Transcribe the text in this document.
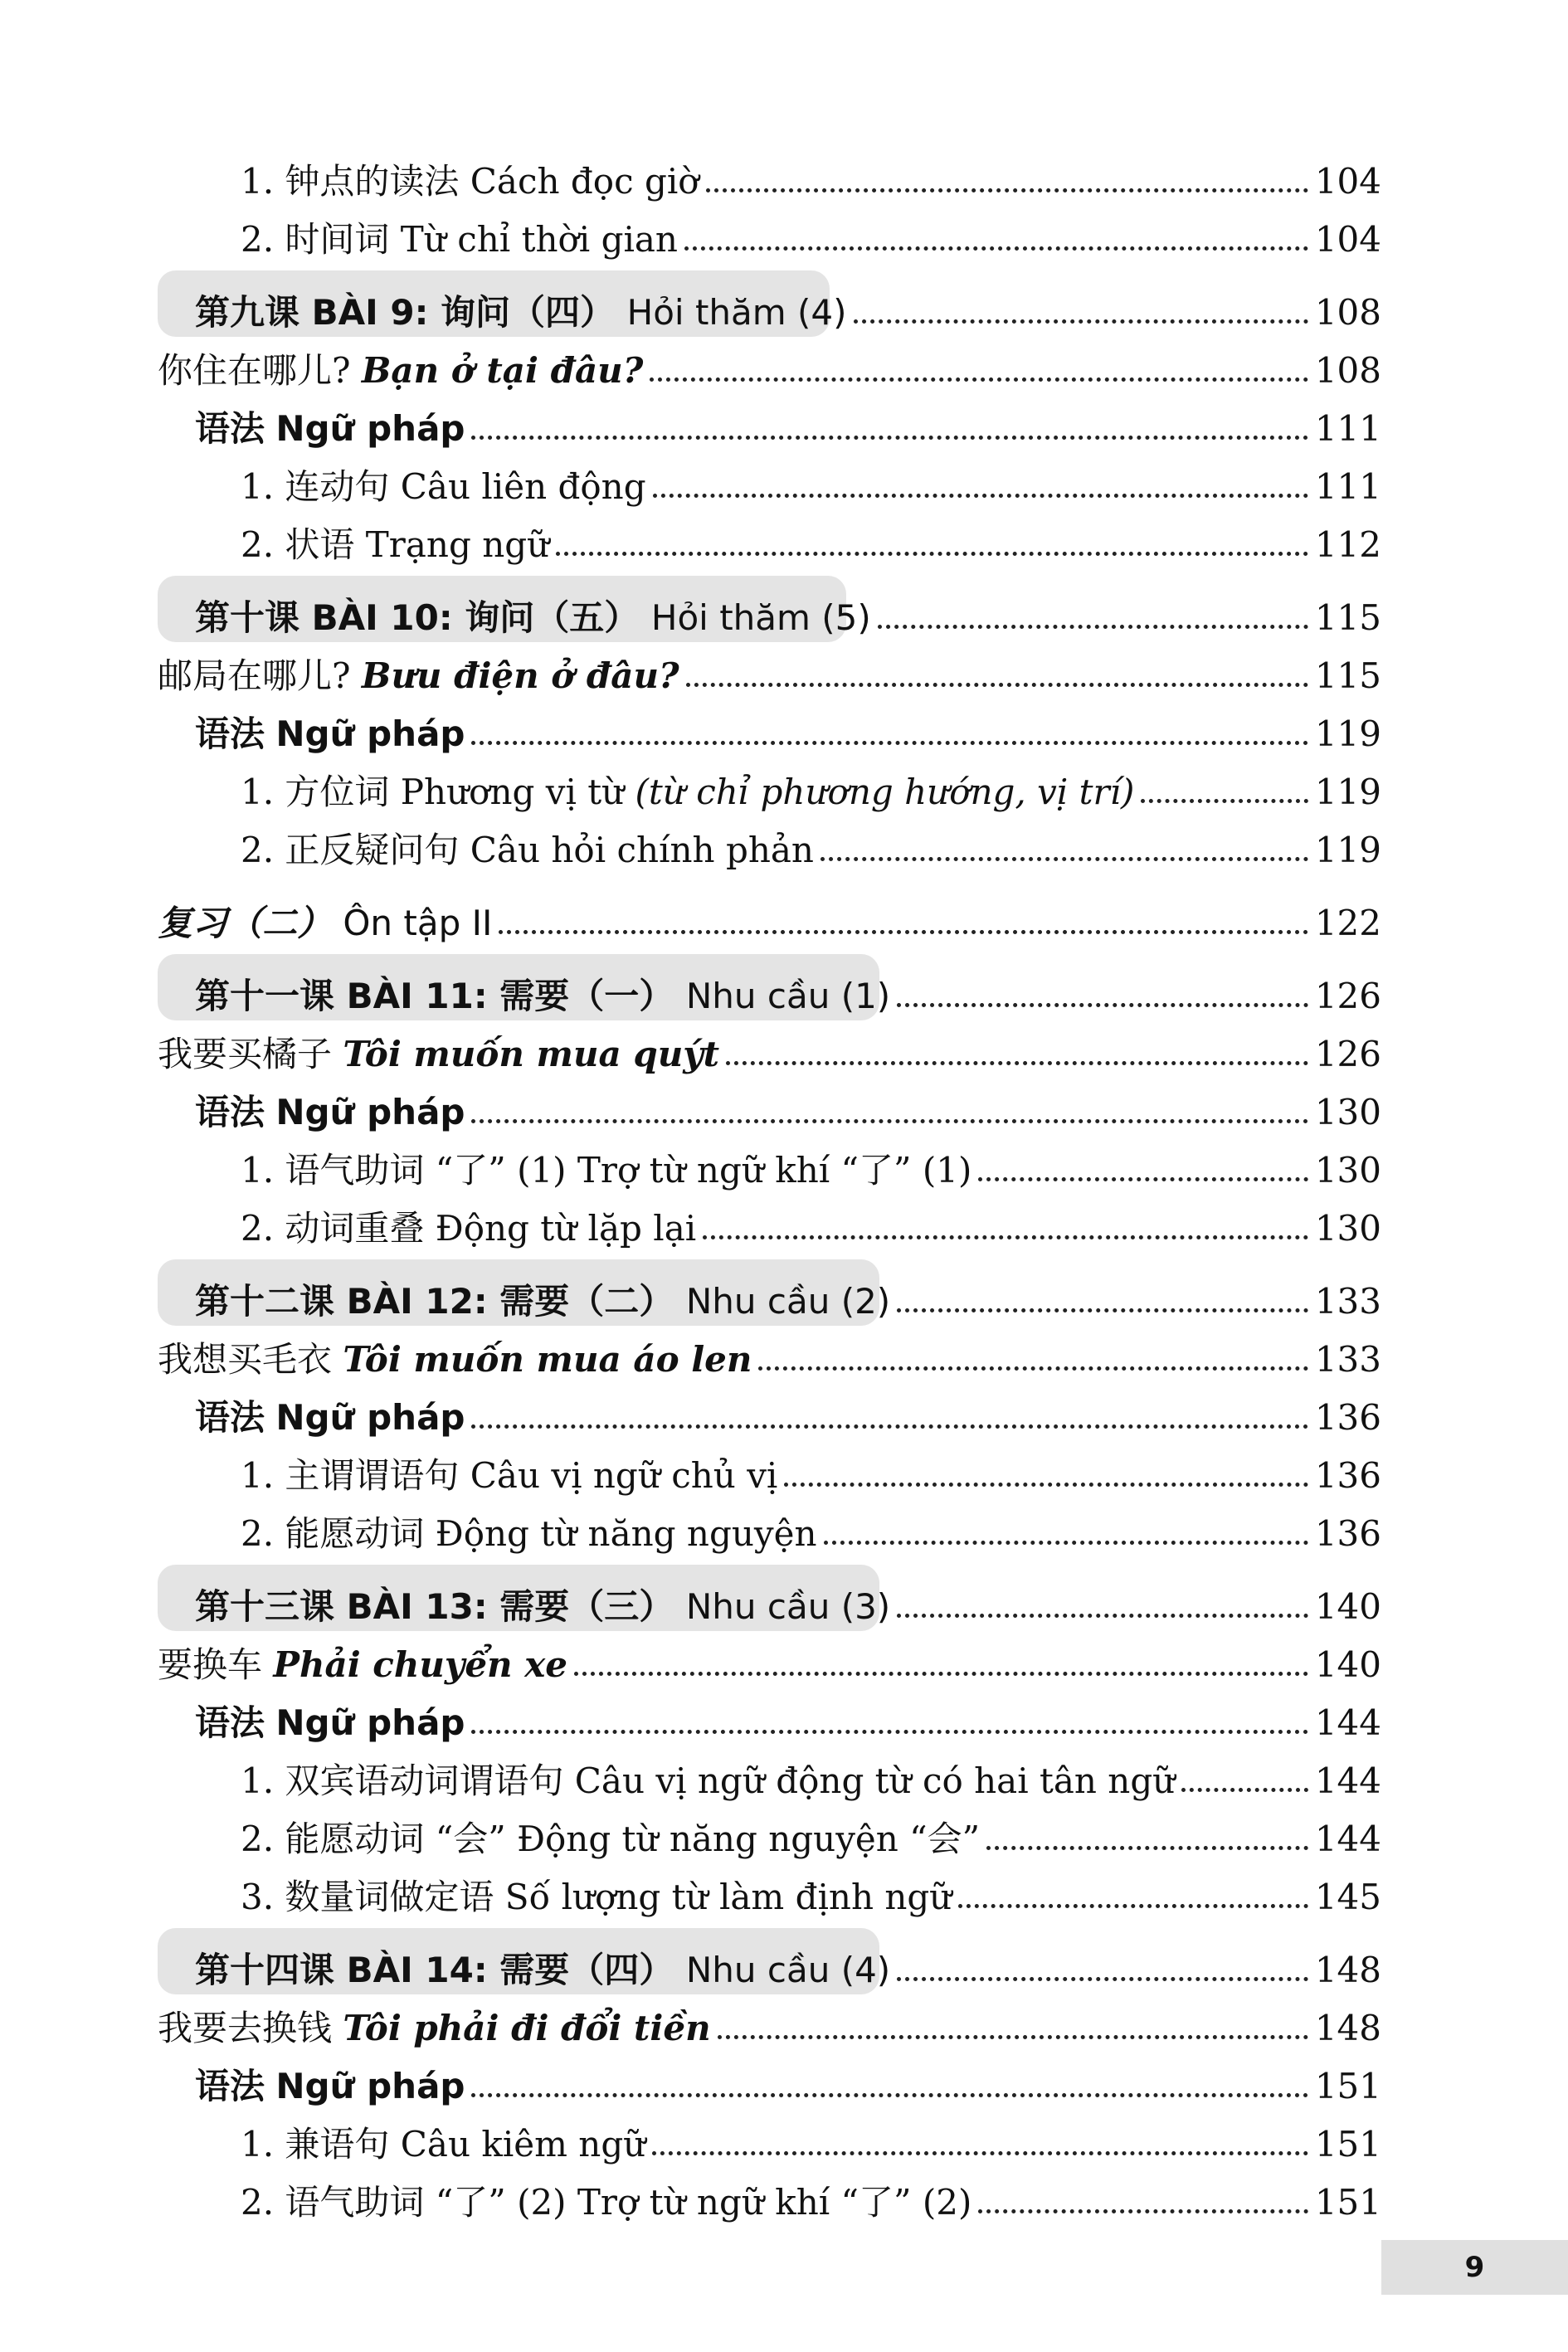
1. 钟点的读法 Cách đọc giờ	104
2. 时间词 Từ chỉ thời gian	104
第九课 BÀI 9: 询问（四） Hỏi thăm (4)	108
你住在哪儿? Bạn ở tại đâu?	108
语法 Ngữ pháp	111
1. 连动句 Câu liên động	111
2. 状语 Trạng ngữ	112
第十课 BÀI 10: 询问（五） Hỏi thăm (5)	115
邮局在哪儿? Bưu điện ở đâu?	115
语法 Ngữ pháp	119
1. 方位词 Phương vị từ (từ chỉ phương hướng, vị trí)	119
2. 正反疑问句 Câu hỏi chính phản	119
复习（二） Ôn tập II	122
第十一课 BÀI 11: 需要（一） Nhu cầu (1)	126
我要买橘子 Tôi muốn mua quýt	126
语法 Ngữ pháp	130
1. 语气助词 “了” (1) Trợ từ ngữ khí “了” (1)	130
2. 动词重叠 Động từ lặp lại	130
第十二课 BÀI 12: 需要（二） Nhu cầu (2)	133
我想买毛衣 Tôi muốn mua áo len	133
语法 Ngữ pháp	136
1. 主谓谓语句 Câu vị ngữ chủ vị	136
2. 能愿动词 Động từ năng nguyện	136
第十三课 BÀI 13: 需要（三） Nhu cầu (3)	140
要换车 Phải chuyển xe	140
语法 Ngữ pháp	144
1. 双宾语动词谓语句 Câu vị ngữ động từ có hai tân ngữ	144
2. 能愿动词 “会” Động từ năng nguyện “会”	144
3. 数量词做定语 Số lượng từ làm định ngữ	145
第十四课 BÀI 14: 需要（四） Nhu cầu (4)	148
我要去换钱 Tôi phải đi đổi tiền	148
语法 Ngữ pháp	151
1. 兼语句 Câu kiêm ngữ	151
2. 语气助词 “了” (2) Trợ từ ngữ khí “了” (2)	151
9
